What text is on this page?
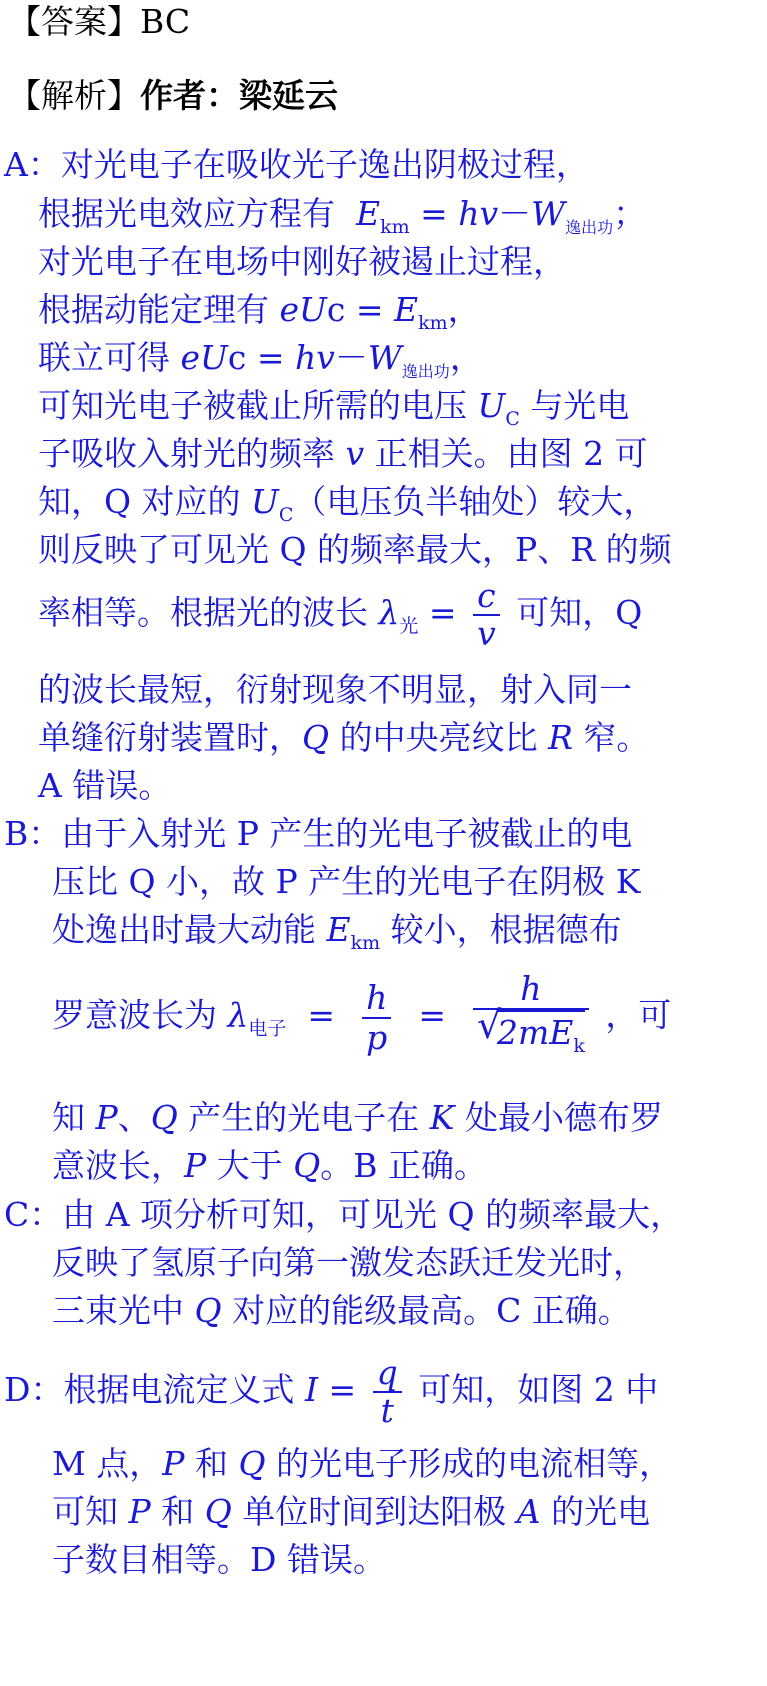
【答案】BC
【解析】作者：梁延云
A：对光电子在吸收光子逸出阴极过程，
根据光电效应方程有 $E_{km} = hv-W_{逸出功}$；
对光电子在电场中刚好被遏止过程，
根据动能定理有 eUc = $E_{km}$，
联立可得 eUc = $hv-W_{逸出功}$，
可知光电子被截止所需的电压 $U_C$ 与光电
子吸收入射光的频率 v 正相关。由图 2 可
知，Q 对应的 $U_C$（电压负半轴处）较大，
则反映了可见光 Q 的频率最大，P、R 的频
率相等。根据光的波长 $\lambda_光 = \frac{c}{v}$ 可知，Q
的波长最短，衍射现象不明显，射入同一
单缝衍射装置时，Q 的中央亮纹比 R 窄。
A 错误。
B：由于入射光 P 产生的光电子被截止的电
压比 Q 小，故 P 产生的光电子在阴极 K
处逸出时最大动能 $E_{km}$ 较小，根据德布
罗意波长为 $\lambda_{电子} = \frac{h}{p} = h$
√
$2mE_k$ ，可
知 P、Q 产生的光电子在 K 处最小德布罗
意波长，P 大于 Q。B 正确。
C：由 A 项分析可知，可见光 Q 的频率最大，
反映了氢原子向第一激发态跃迁发光时，
三束光中 Q 对应的能级最高。C 正确。
D：根据电流定义式 $I = \frac{q}{t}$ 可知，如图 2 中
M 点，P 和 Q 的光电子形成的电流相等，
可知 P 和 Q 单位时间到达阳极 A 的光电
子数目相等。D 错误。
